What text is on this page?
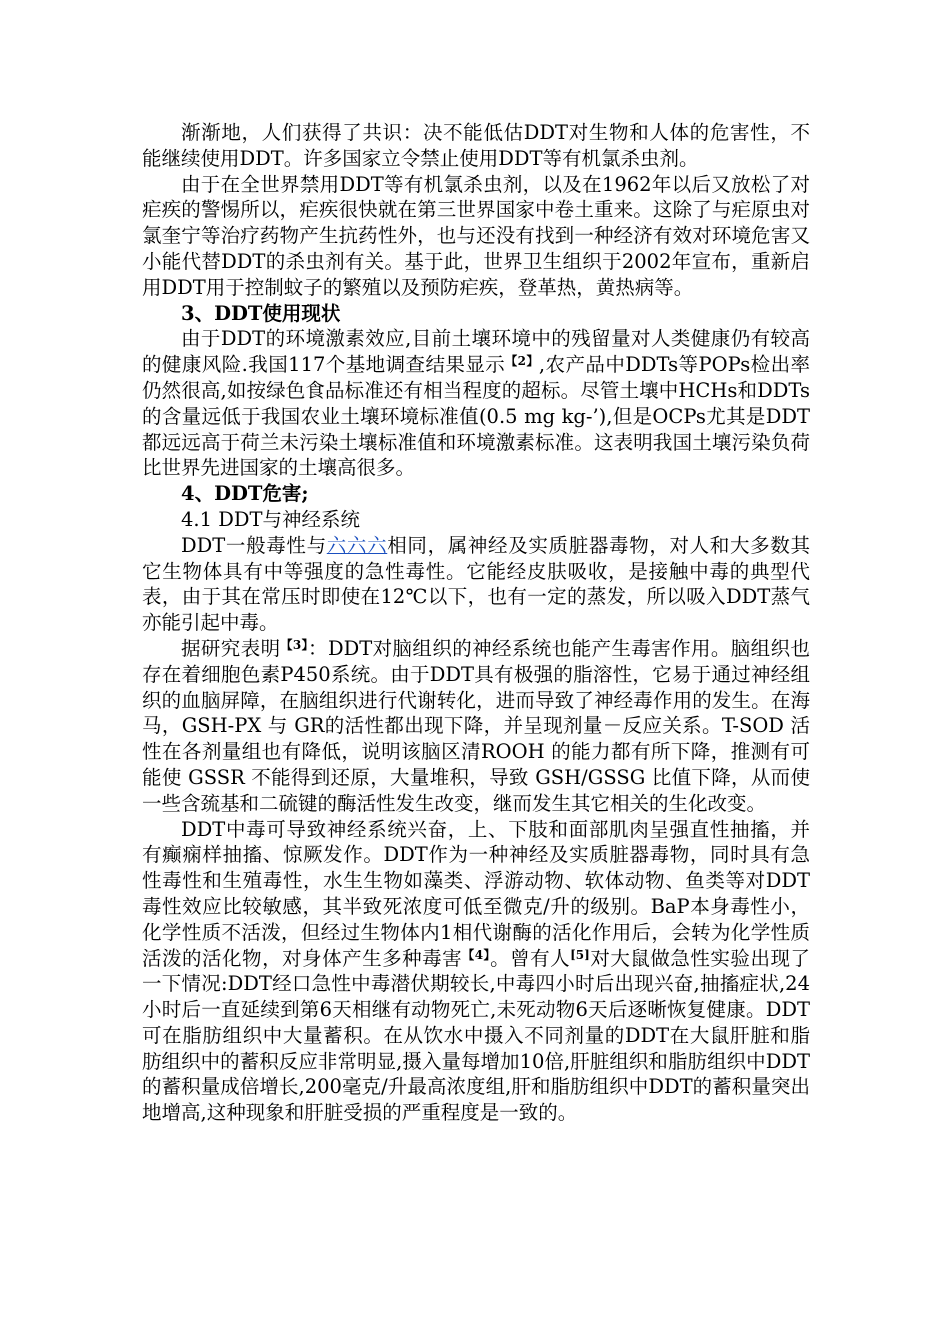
渐渐地，人们获得了共识：决不能低估DDT对生物和人体的危害性，不能继续使用DDT。许多国家立令禁止使用DDT等有机氯杀虫剂。

由于在全世界禁用DDT等有机氯杀虫剂，以及在1962年以后又放松了对疟疾的警惕所以，疟疾很快就在第三世界国家中卷土重来。这除了与疟原虫对氯奎宁等治疗药物产生抗药性外，也与还没有找到一种经济有效对环境危害又小能代替DDT的杀虫剂有关。基于此，世界卫生组织于2002年宣布，重新启用DDT用于控制蚊子的繁殖以及预防疟疾，登革热，黄热病等。

3、DDT使用现状

由于DDT的环境激素效应,目前土壤环境中的残留量对人类健康仍有较高的健康风险.我国117个基地调查结果显示$^{【2】}$,农产品中DDTs等POPs检出率仍然很高,如按绿色食品标准还有相当程度的超标。尽管土壤中HCHs和DDTs的含量远低于我国农业土壤环境标准值(0.5 mg kg-’),但是OCPs尤其是DDT都远远高于荷兰未污染土壤标准值和环境激素标准。这表明我国土壤污染负荷比世界先进国家的土壤高很多。

4、DDT危害;

4.1 DDT与神经系统

DDT一般毒性与六六六相同，属神经及实质脏器毒物，对人和大多数其它生物体具有中等强度的急性毒性。它能经皮肤吸收，是接触中毒的典型代表，由于其在常压时即使在12℃以下，也有一定的蒸发，所以吸入DDT蒸气亦能引起中毒。

据研究表明$^{【3】}$：DDT对脑组织的神经系统也能产生毒害作用。脑组织也存在着细胞色素P450系统。由于DDT具有极强的脂溶性，它易于通过神经组织的血脑屏障，在脑组织进行代谢转化，进而导致了神经毒作用的发生。在海马，GSH-PX 与 GR的活性都出现下降，并呈现剂量－反应关系。T-SOD 活性在各剂量组也有降低，说明该脑区清ROOH 的能力都有所下降，推测有可能使 GSSR 不能得到还原，大量堆积，导致 GSH/GSSG 比值下降，从而使一些含巯基和二硫键的酶活性发生改变，继而发生其它相关的生化改变。

DDT中毒可导致神经系统兴奋，上、下肢和面部肌肉呈强直性抽搐，并有癫痫样抽搐、惊厥发作。DDT作为一种神经及实质脏器毒物，同时具有急性毒性和生殖毒性，水生生物如藻类、浮游动物、软体动物、鱼类等对DDT毒性效应比较敏感，其半致死浓度可低至微克/升的级别。BaP本身毒性小，化学性质不活泼，但经过生物体内1相代谢酶的活化作用后，会转为化学性质活泼的活化物，对身体产生多种毒害$^{【4】}$。曾有人[5]对大鼠做急性实验出现了一下情况:DDT经口急性中毒潜伏期较长,中毒四小时后出现兴奋,抽搐症状,24小时后一直延续到第6天相继有动物死亡,未死动物6天后逐晰恢复健康。DDT可在脂肪组织中大量蓄积。在从饮水中摄入不同剂量的DDT在大鼠肝脏和脂肪组织中的蓄积反应非常明显,摄入量每增加10倍,肝脏组织和脂肪组织中DDT的蓄积量成倍增长,200毫克/升最高浓度组,肝和脂肪组织中DDT的蓄积量突出地增高,这种现象和肝脏受损的严重程度是一致的。
